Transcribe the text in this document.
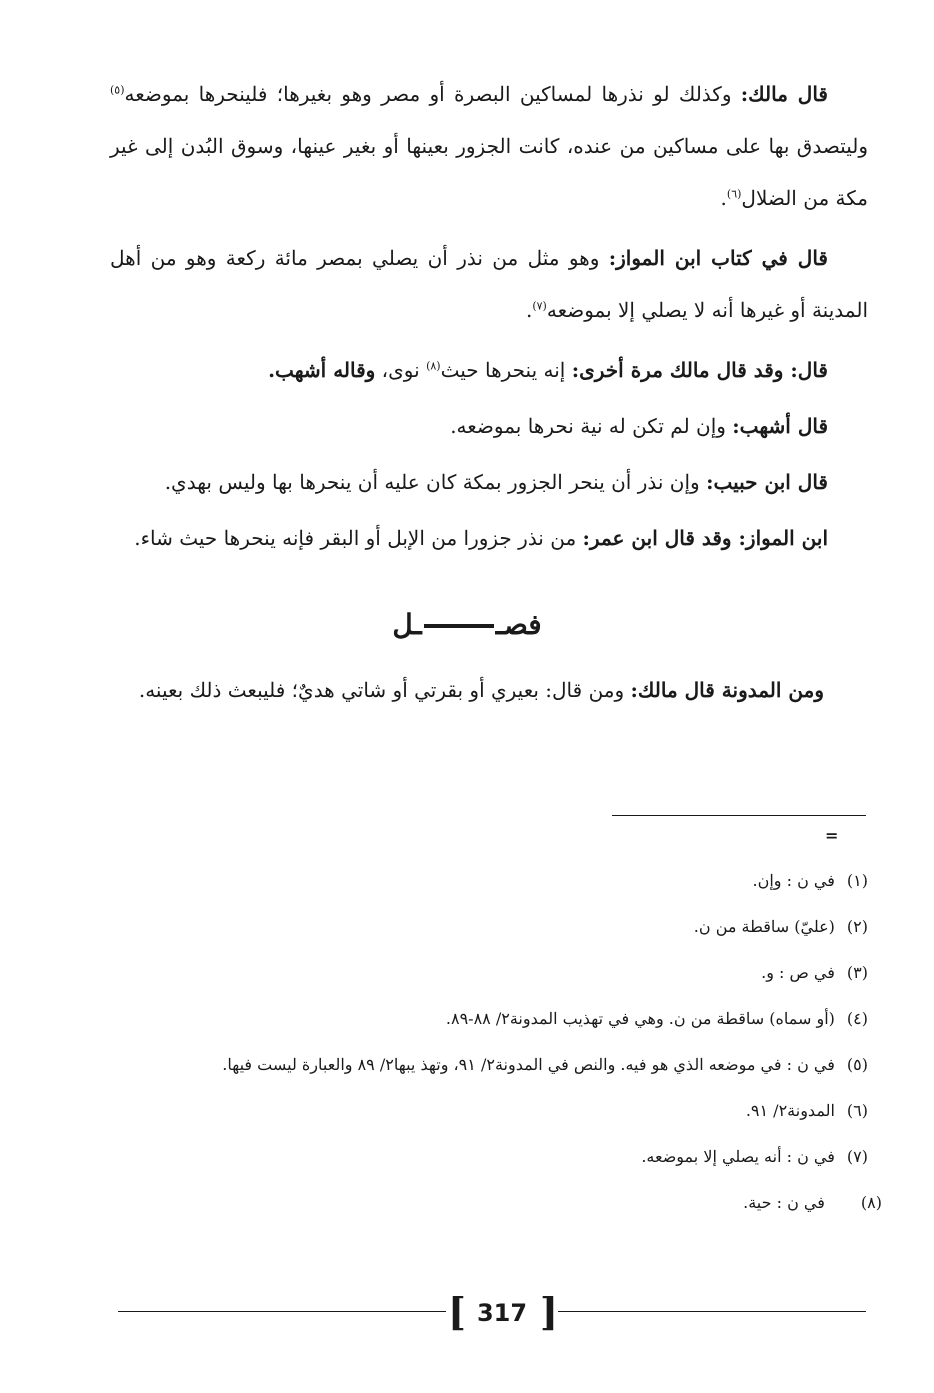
قال مالك: وكذلك لو نذرها لمساكين البصرة أو مصر وهو بغيرها؛ فلينحرها بموضعه$^{(٥)}$ وليتصدق بها على مساكين من عنده، كانت الجزور بعينها أو بغير عينها، وسوق البُدن إلى غير مكة من الضلال$^{(٦)}$.

قال في كتاب ابن المواز: وهو مثل من نذر أن يصلي بمصر مائة ركعة وهو من أهل المدينة أو غيرها أنه لا يصلي إلا بموضعه$^{(٧)}$.

قال: وقد قال مالك مرة أخرى: إنه ينحرها حيث$^{(٨)}$ نوى، وقاله أشهب.

قال أشهب: وإن لم تكن له نية نحرها بموضعه.

قال ابن حبيب: وإن نذر أن ينحر الجزور بمكة كان عليه أن ينحرها بها وليس بهدي.

ابن المواز: وقد قال ابن عمر: من نذر جزورا من الإبل أو البقر فإنه ينحرها حيث شاء.

فصــل
ومن المدونة قال مالك: ومن قال: بعيري أو بقرتي أو شاتي هديٌ؛ فليبعث ذلك بعينه.
=
(١)في ن : وإن.
(٢)(عليّ) ساقطة من ن.
(٣)في ص : و.
(٤)(أو سماه) ساقطة من ن. وهي في تهذيب المدونة٢/ ٨٨-٨٩.
(٥)في ن : في موضعه الذي هو فيه. والنص في المدونة٢/ ٩١، وتهذ يبها٢/ ٨٩ والعبارة ليست فيها.
(٦)المدونة٢/ ٩١.
(٧)في ن : أنه يصلي إلا بموضعه.
(٨)في ن : حية.
[ 317 ]
